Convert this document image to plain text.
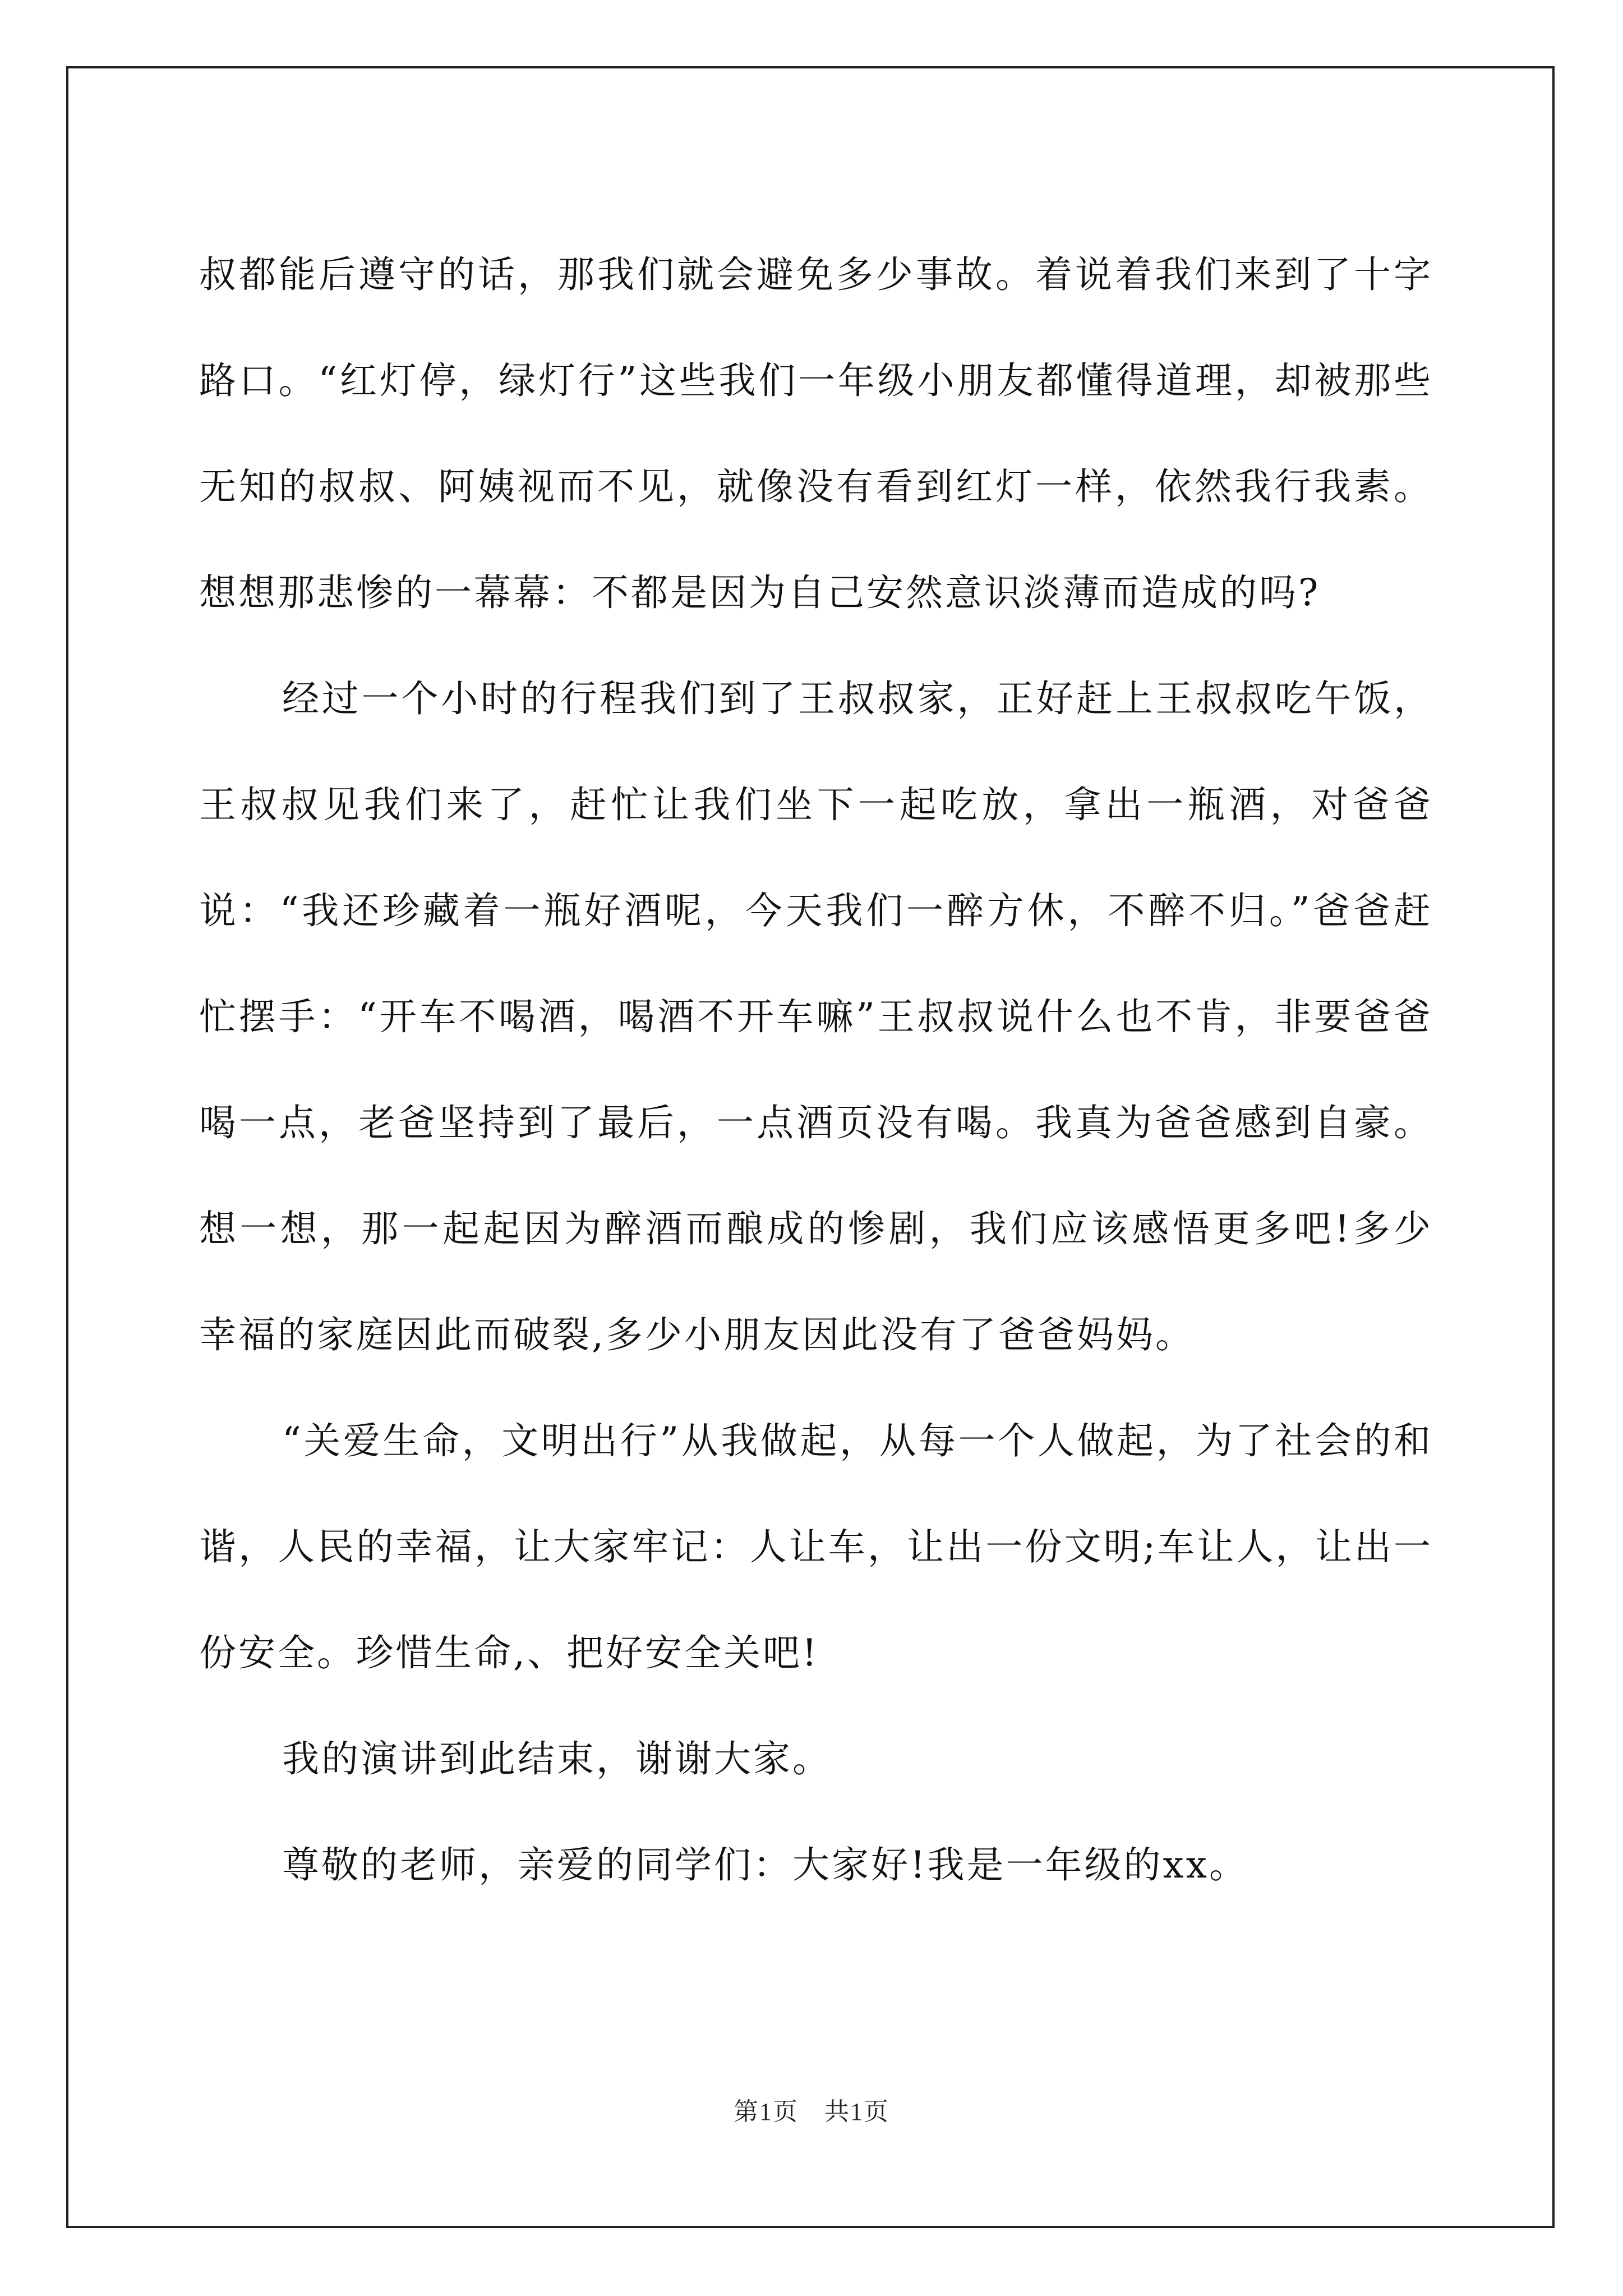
叔都能后遵守的话，那我们就会避免多少事故。着说着我们来到了十字路口。“红灯停，绿灯行”这些我们一年级小朋友都懂得道理，却被那些无知的叔叔、阿姨视而不见，就像没有看到红灯一样，依然我行我素。想想那悲惨的一幕幕：不都是因为自己安然意识淡薄而造成的吗?

经过一个小时的行程我们到了王叔叔家，正好赶上王叔叔吃午饭，王叔叔见我们来了，赶忙让我们坐下一起吃放，拿出一瓶酒，对爸爸说：“我还珍藏着一瓶好酒呢，今天我们一醉方休，不醉不归。”爸爸赶忙摆手：“开车不喝酒，喝酒不开车嘛”王叔叔说什么也不肯，非要爸爸喝一点，老爸坚持到了最后，一点酒页没有喝。我真为爸爸感到自豪。想一想，那一起起因为醉酒而酿成的惨剧，我们应该感悟更多吧!多少幸福的家庭因此而破裂,多少小朋友因此没有了爸爸妈妈。

“关爱生命，文明出行”从我做起，从每一个人做起，为了社会的和谐，人民的幸福，让大家牢记：人让车，让出一份文明;车让人，让出一份安全。珍惜生命,、把好安全关吧!

我的演讲到此结束，谢谢大家。

尊敬的老师，亲爱的同学们：大家好!我是一年级的xx。

第1页　共1页
